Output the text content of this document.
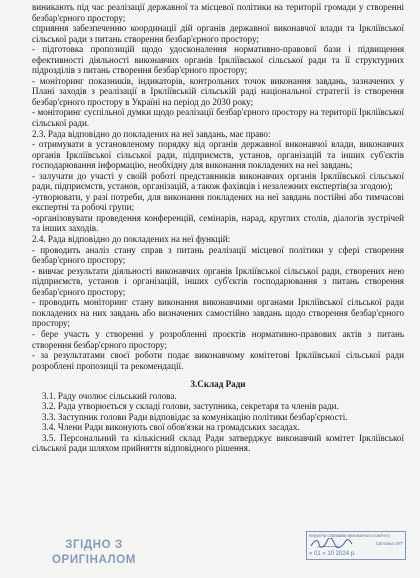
виникають під час реалізації державної та місцевої політики на території громади у створенні безбар'єрного простору;

сприяння забезпеченню координації дій органів державної виконавчої влади та Ірклiївської сільської ради з питань створення безбар'єрного простору;

- підготовка пропозицій щодо удосконалення нормативно-правової бази і підвищення ефективності діяльності виконавчих органів Ірклiївської сільської ради та її структурних підрозділів з питань створення безбар'єрного простору;

- моніторинг показників, індикаторів, контрольних точок виконання завдань, зазначених у Плані заходів з реалізації в Ірклiївській сільській раді національної стратегії із створення безбар'єрного простору в Україні на період до 2030 року;

- моніторинг суспільної думки щодо реалізації безбар'єрного простору на території Ірклiївської сільської ради.

2.3. Рада відповідно до покладених на неї завдань, має право:

- отримувати в установленому порядку від органів державної виконавчої влади, виконавчих органів Ірклiївської сільської ради, підприємств, установ, організацій та інших суб'єктів господарювання інформацію, необхідну для виконання покладених на неї завдань;

- залучати до участі у своїй роботі представників виконавчих органів Ірклiївської сільської ради, підприємств, установ, організацій, а також фахівців і незалежних експертів(за згодою);

-утворювати, у разі потреби, для виконання покладених на неї завдань постійні або тимчасові експертні та робочі групи;

-організовувати проведення конференцій, семінарів, нарад, круглих столів, діалогів зустрічей та інших заходів.

2.4. Рада відповідно до покладених на неї функцій:

- проводить аналіз стану справ з питань реалізації місцевої політики у сфері створення безбар'єрного простору;

- вивчає результати діяльності виконавчих органів Ірклiївської сільської ради, створених нею підприємств, установ і організацій, інших суб'єктів господарювання з питань створення безбар'єрного простору;

- проводить моніторинг стану виконання виконавчими органами Ірклiївської сільської ради покладених на них завдань або визначених самостійно завдань щодо створення безбар'єрного простору;

- бере участь у створенні у розробленні проєктів нормативно-правових актів з питань створення безбар'єрного простору;

- за результатами своєї роботи подає виконавчому комітетові Ірклiївської сільської ради розроблені пропозиції та рекомендації.

3.Склад Ради

3.1. Раду очолює сільський голова.

3.2. Рада утворюється у складі голови, заступника, секретаря та членів ради.

3.3. Заступник голови Ради відповідає за комунікацію політики безбар'єрності.

3.4. Члени Ради виконують свої обов'язки на громадських засадах.

3.5. Персональний та кількісний склад Ради затверджує виконавчий комітет Ірклiївської сільської ради шляхом прийняття відповідного рішення.

ЗГІДНО З
ОРИГІНАЛОМ
Керуюча справами виконавчого комітету
Світлана ЛУТ
« 01 » 10 2024 р.
